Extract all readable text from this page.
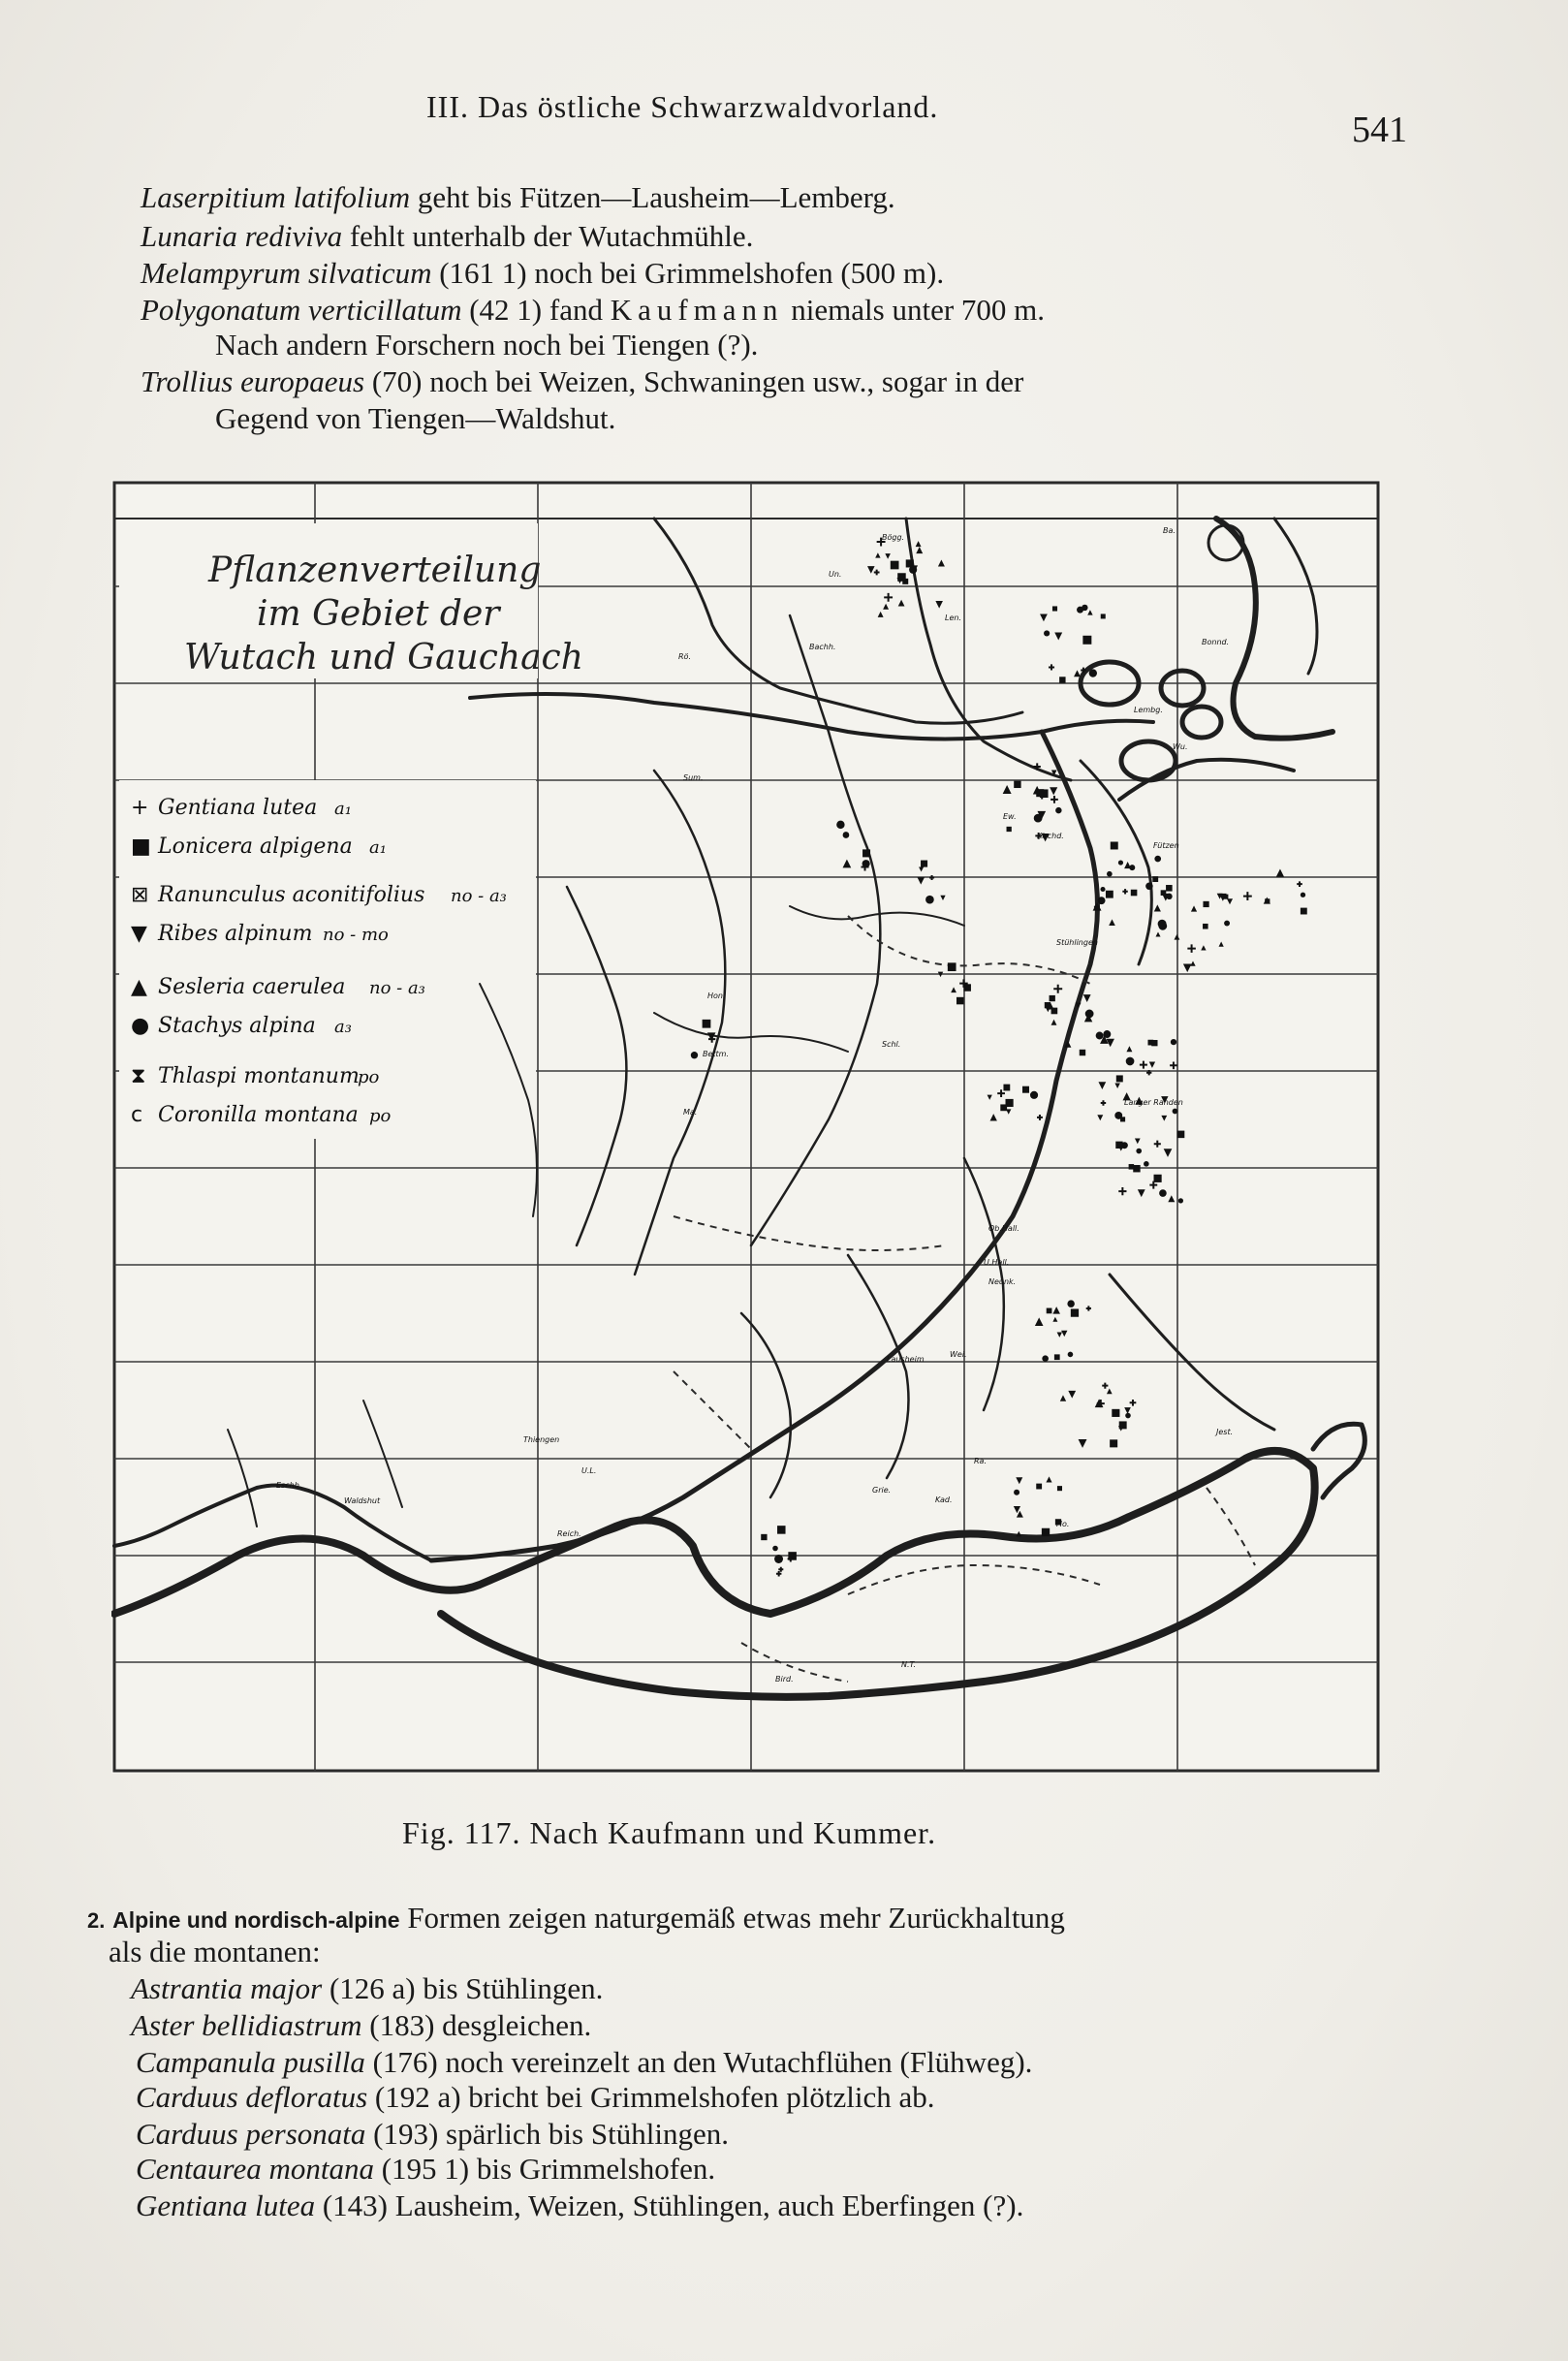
III. Das östliche Schwarzwaldvorland.
541
Laserpitium latifolium geht bis Fützen—Lausheim—Lemberg.
Lunaria rediviva fehlt unterhalb der Wutachmühle.
Melampyrum silvaticum (161 1) noch bei Grimmelshofen (500 m).
Polygonatum verticillatum (42 1) fand Kaufmann niemals unter 700 m.
Nach andern Forschern noch bei Tiengen (?).
Trollius europaeus (70) noch bei Weizen, Schwaningen usw., sogar in der
Gegend von Tiengen—Waldshut.
Pflanzenverteilung
im Gebiet der
Wutach und Gauchach
+ Gentiana lutea a₁
■ Lonicera alpigena a₁
⊠ Ranunculus aconitifolius no - a₃
▼ Ribes alpinum no - mo
▲ Sesleria caerulea no - a₃
● Stachys alpina a₃
⧗ Thlaspi montanum
po
c Coronilla montana po
Bögg.
Un.
Ba.
Rö.
Len.
Bachh.
Bonnd.
Sum.
Hon.
Kirchd.
Ew.
Fützen
Wu.
Lembg.
Stühlingen
Bettm.
Ma.
Ob.Hall.
U.Hall.
Neunk.
Langer Randen
Schl.
Lausheim
Wei.
Thiengen
U.L.
Waldshut
Eschb.
Grie.
Jest.
Ra.
Kad.
Ho.
N.T.
Bird.
Reich.
Fig. 117. Nach Kaufmann und Kummer.
2. Alpine und nordisch-alpine Formen zeigen naturgemäß etwas mehr Zurückhaltung
als die montanen:
Astrantia major (126 a) bis Stühlingen.
Aster bellidiastrum (183) desgleichen.
Campanula pusilla (176) noch vereinzelt an den Wutachflühen (Flühweg).
Carduus defloratus (192 a) bricht bei Grimmelshofen plötzlich ab.
Carduus personata (193) spärlich bis Stühlingen.
Centaurea montana (195 1) bis Grimmelshofen.
Gentiana lutea (143) Lausheim, Weizen, Stühlingen, auch Eberfingen (?).
